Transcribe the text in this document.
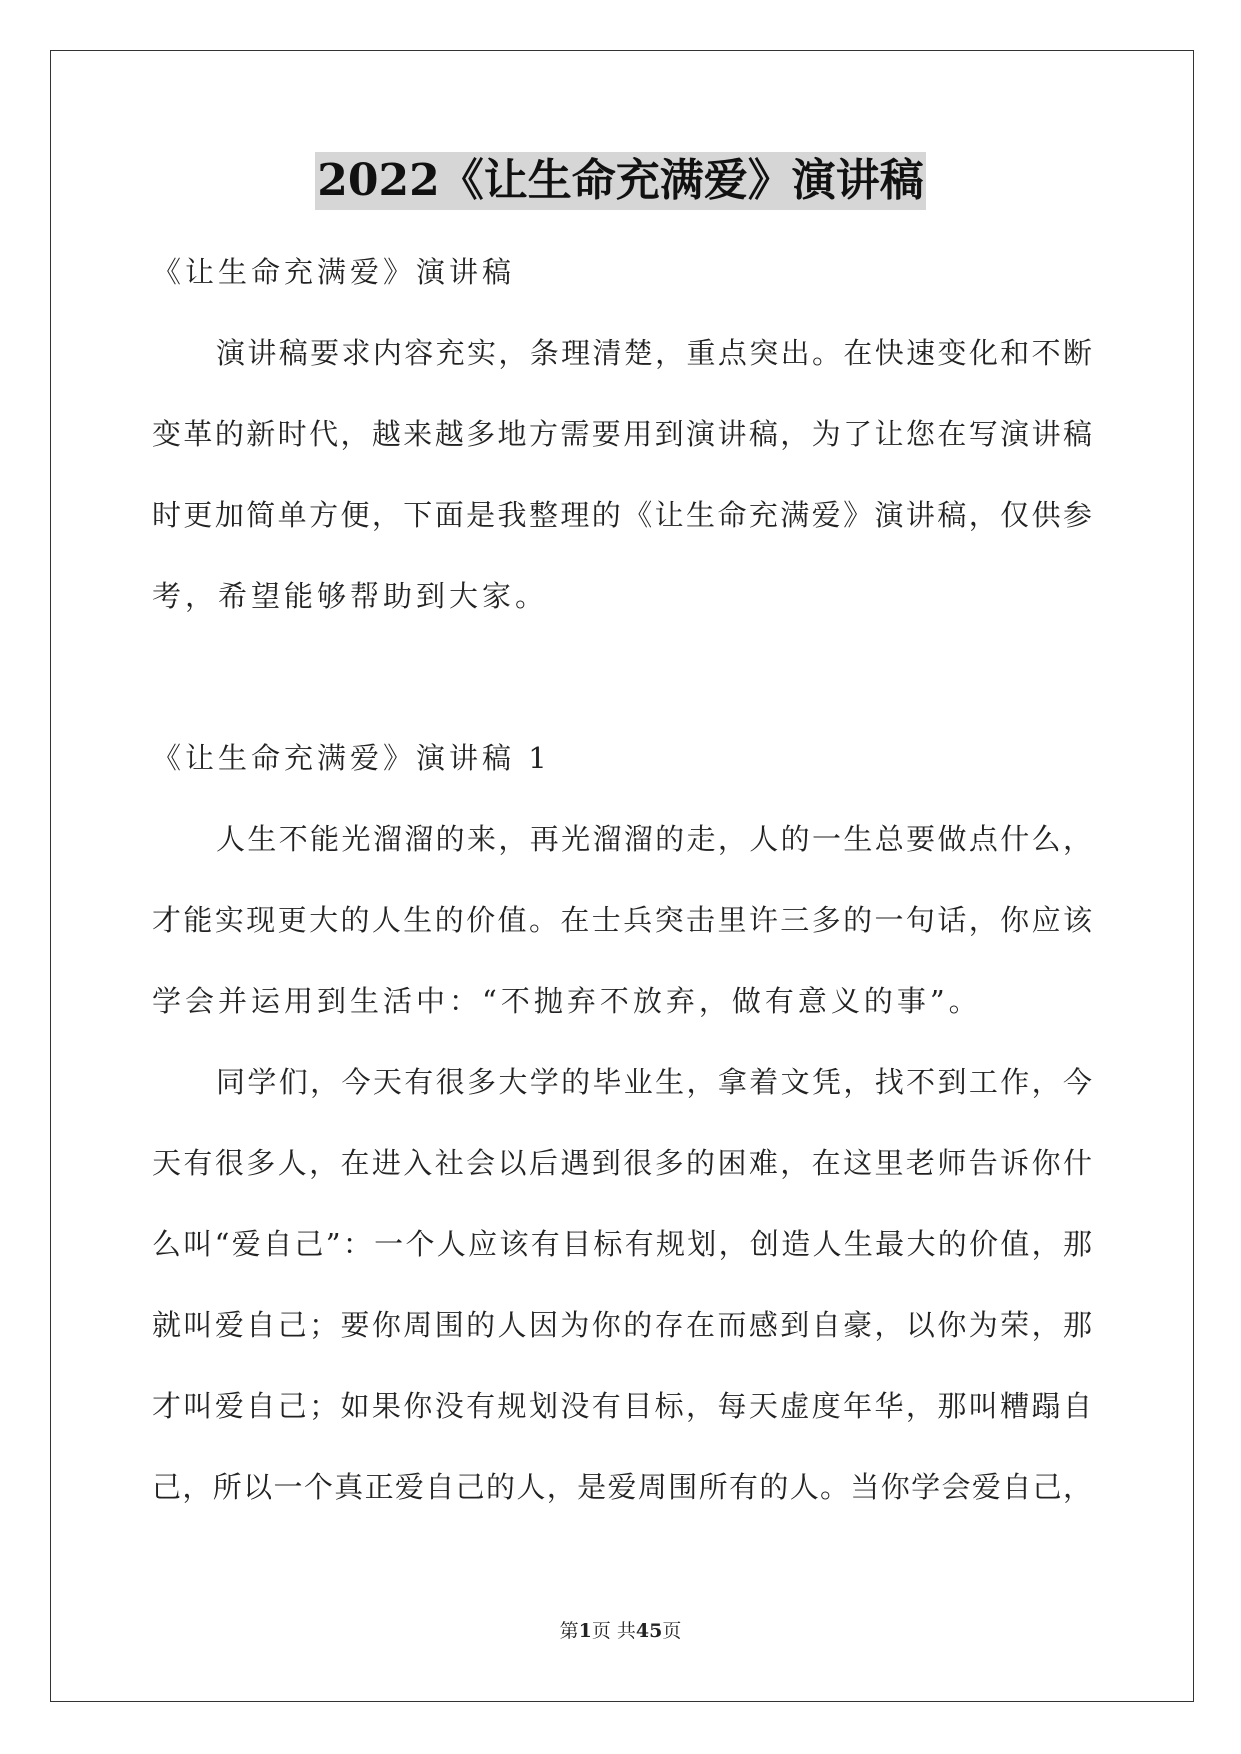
2022《让生命充满爱》演讲稿
《让生命充满爱》演讲稿
演讲稿要求内容充实，条理清楚，重点突出。在快速变化和不断
变革的新时代，越来越多地方需要用到演讲稿，为了让您在写演讲稿
时更加简单方便，下面是我整理的《让生命充满爱》演讲稿，仅供参
考，希望能够帮助到大家。
《让生命充满爱》演讲稿 1
人生不能光溜溜的来，再光溜溜的走，人的一生总要做点什么，
才能实现更大的人生的价值。在士兵突击里许三多的一句话，你应该
学会并运用到生活中：“不抛弃不放弃，做有意义的事”。
同学们，今天有很多大学的毕业生，拿着文凭，找不到工作，今
天有很多人，在进入社会以后遇到很多的困难，在这里老师告诉你什
么叫“爱自己”：一个人应该有目标有规划，创造人生最大的价值，那
就叫爱自己；要你周围的人因为你的存在而感到自豪，以你为荣，那
才叫爱自己；如果你没有规划没有目标，每天虚度年华，那叫糟蹋自
己，所以一个真正爱自己的人，是爱周围所有的人。当你学会爱自己，
第1页 共45页
